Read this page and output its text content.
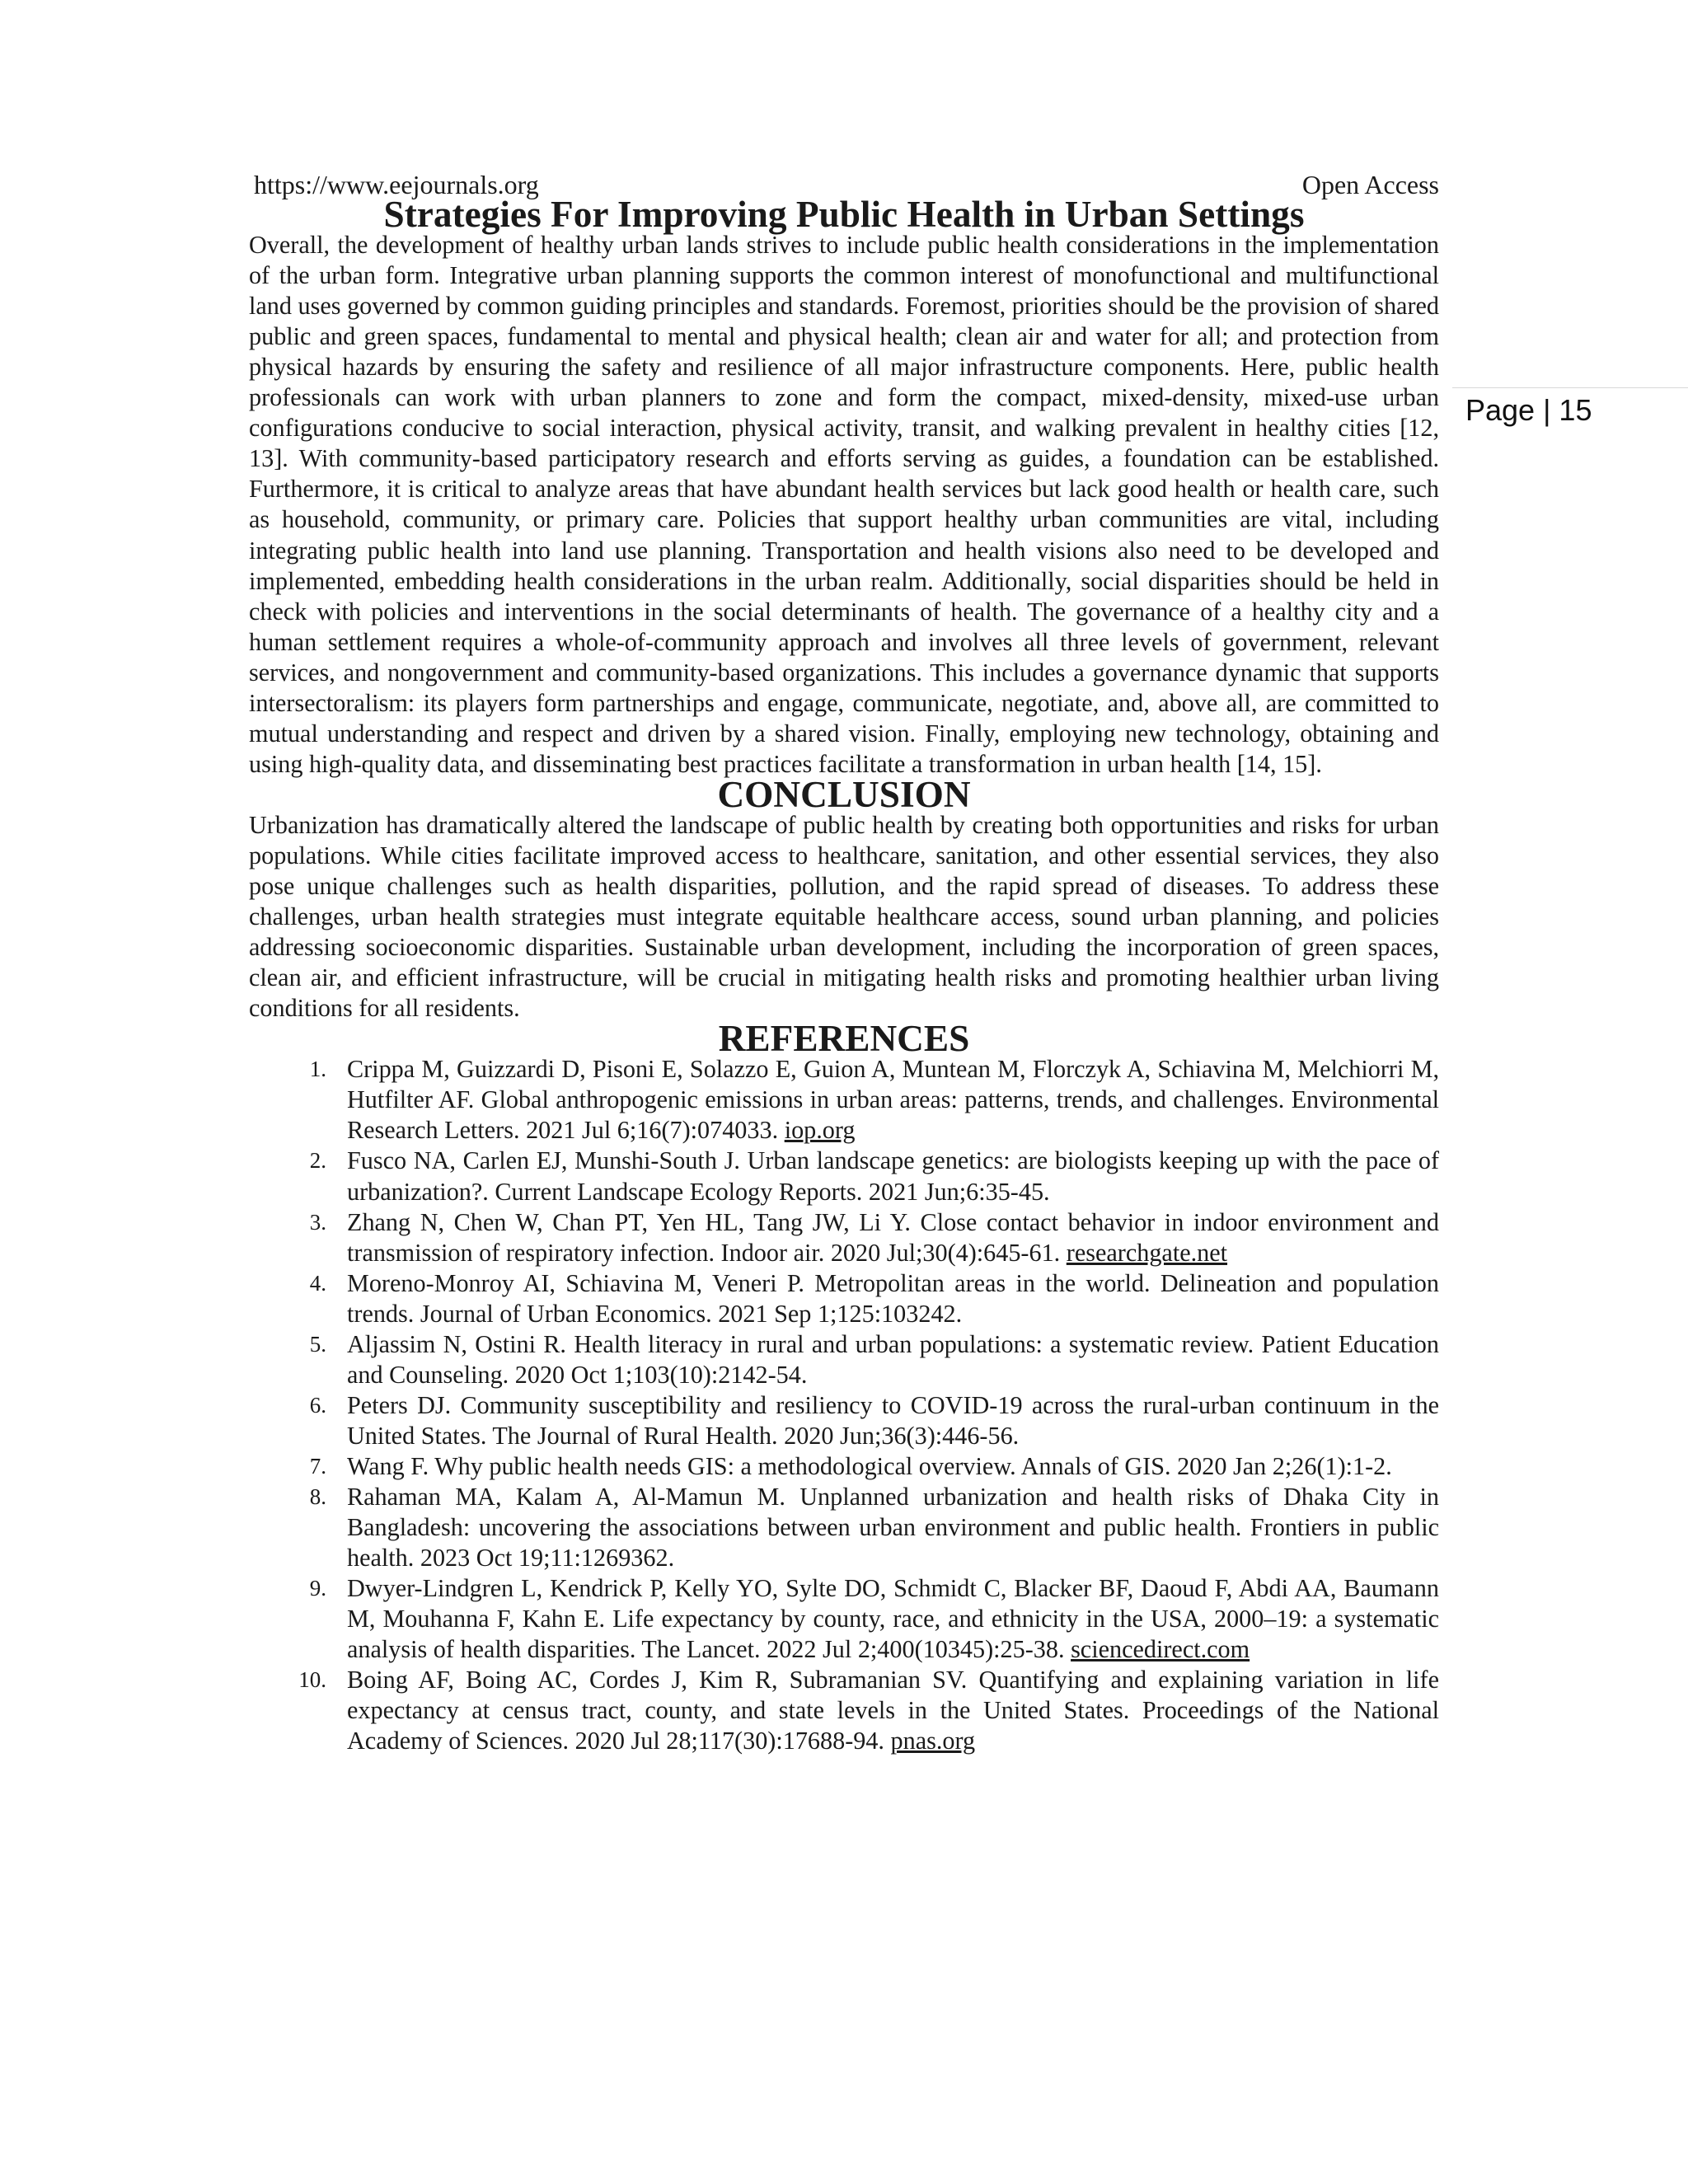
https://www.eejournals.org	Open Access
Page | 15
Strategies For Improving Public Health in Urban Settings

Overall, the development of healthy urban lands strives to include public health considerations in the implementation of the urban form. Integrative urban planning supports the common interest of monofunctional and multifunctional land uses governed by common guiding principles and standards. Foremost, priorities should be the provision of shared public and green spaces, fundamental to mental and physical health; clean air and water for all; and protection from physical hazards by ensuring the safety and resilience of all major infrastructure components. Here, public health professionals can work with urban planners to zone and form the compact, mixed-density, mixed-use urban configurations conducive to social interaction, physical activity, transit, and walking prevalent in healthy cities [12, 13]. With community-based participatory research and efforts serving as guides, a foundation can be established. Furthermore, it is critical to analyze areas that have abundant health services but lack good health or health care, such as household, community, or primary care. Policies that support healthy urban communities are vital, including integrating public health into land use planning. Transportation and health visions also need to be developed and implemented, embedding health considerations in the urban realm. Additionally, social disparities should be held in check with policies and interventions in the social determinants of health. The governance of a healthy city and a human settlement requires a whole-of-community approach and involves all three levels of government, relevant services, and nongovernment and community-based organizations. This includes a governance dynamic that supports intersectoralism: its players form partnerships and engage, communicate, negotiate, and, above all, are committed to mutual understanding and respect and driven by a shared vision. Finally, employing new technology, obtaining and using high-quality data, and disseminating best practices facilitate a transformation in urban health [14, 15].

CONCLUSION

Urbanization has dramatically altered the landscape of public health by creating both opportunities and risks for urban populations. While cities facilitate improved access to healthcare, sanitation, and other essential services, they also pose unique challenges such as health disparities, pollution, and the rapid spread of diseases. To address these challenges, urban health strategies must integrate equitable healthcare access, sound urban planning, and policies addressing socioeconomic disparities. Sustainable urban development, including the incorporation of green spaces, clean air, and efficient infrastructure, will be crucial in mitigating health risks and promoting healthier urban living conditions for all residents.

REFERENCES
1. Crippa M, Guizzardi D, Pisoni E, Solazzo E, Guion A, Muntean M, Florczyk A, Schiavina M, Melchiorri M, Hutfilter AF. Global anthropogenic emissions in urban areas: patterns, trends, and challenges. Environmental Research Letters. 2021 Jul 6;16(7):074033. iop.org
2. Fusco NA, Carlen EJ, Munshi-South J. Urban landscape genetics: are biologists keeping up with the pace of urbanization?. Current Landscape Ecology Reports. 2021 Jun;6:35-45.
3. Zhang N, Chen W, Chan PT, Yen HL, Tang JW, Li Y. Close contact behavior in indoor environment and transmission of respiratory infection. Indoor air. 2020 Jul;30(4):645-61. researchgate.net
4. Moreno-Monroy AI, Schiavina M, Veneri P. Metropolitan areas in the world. Delineation and population trends. Journal of Urban Economics. 2021 Sep 1;125:103242.
5. Aljassim N, Ostini R. Health literacy in rural and urban populations: a systematic review. Patient Education and Counseling. 2020 Oct 1;103(10):2142-54.
6. Peters DJ. Community susceptibility and resiliency to COVID-19 across the rural-urban continuum in the United States. The Journal of Rural Health. 2020 Jun;36(3):446-56.
7. Wang F. Why public health needs GIS: a methodological overview. Annals of GIS. 2020 Jan 2;26(1):1-2.
8. Rahaman MA, Kalam A, Al-Mamun M. Unplanned urbanization and health risks of Dhaka City in Bangladesh: uncovering the associations between urban environment and public health. Frontiers in public health. 2023 Oct 19;11:1269362.
9. Dwyer-Lindgren L, Kendrick P, Kelly YO, Sylte DO, Schmidt C, Blacker BF, Daoud F, Abdi AA, Baumann M, Mouhanna F, Kahn E. Life expectancy by county, race, and ethnicity in the USA, 2000–19: a systematic analysis of health disparities. The Lancet. 2022 Jul 2;400(10345):25-38. sciencedirect.com
10. Boing AF, Boing AC, Cordes J, Kim R, Subramanian SV. Quantifying and explaining variation in life expectancy at census tract, county, and state levels in the United States. Proceedings of the National Academy of Sciences. 2020 Jul 28;117(30):17688-94. pnas.org
